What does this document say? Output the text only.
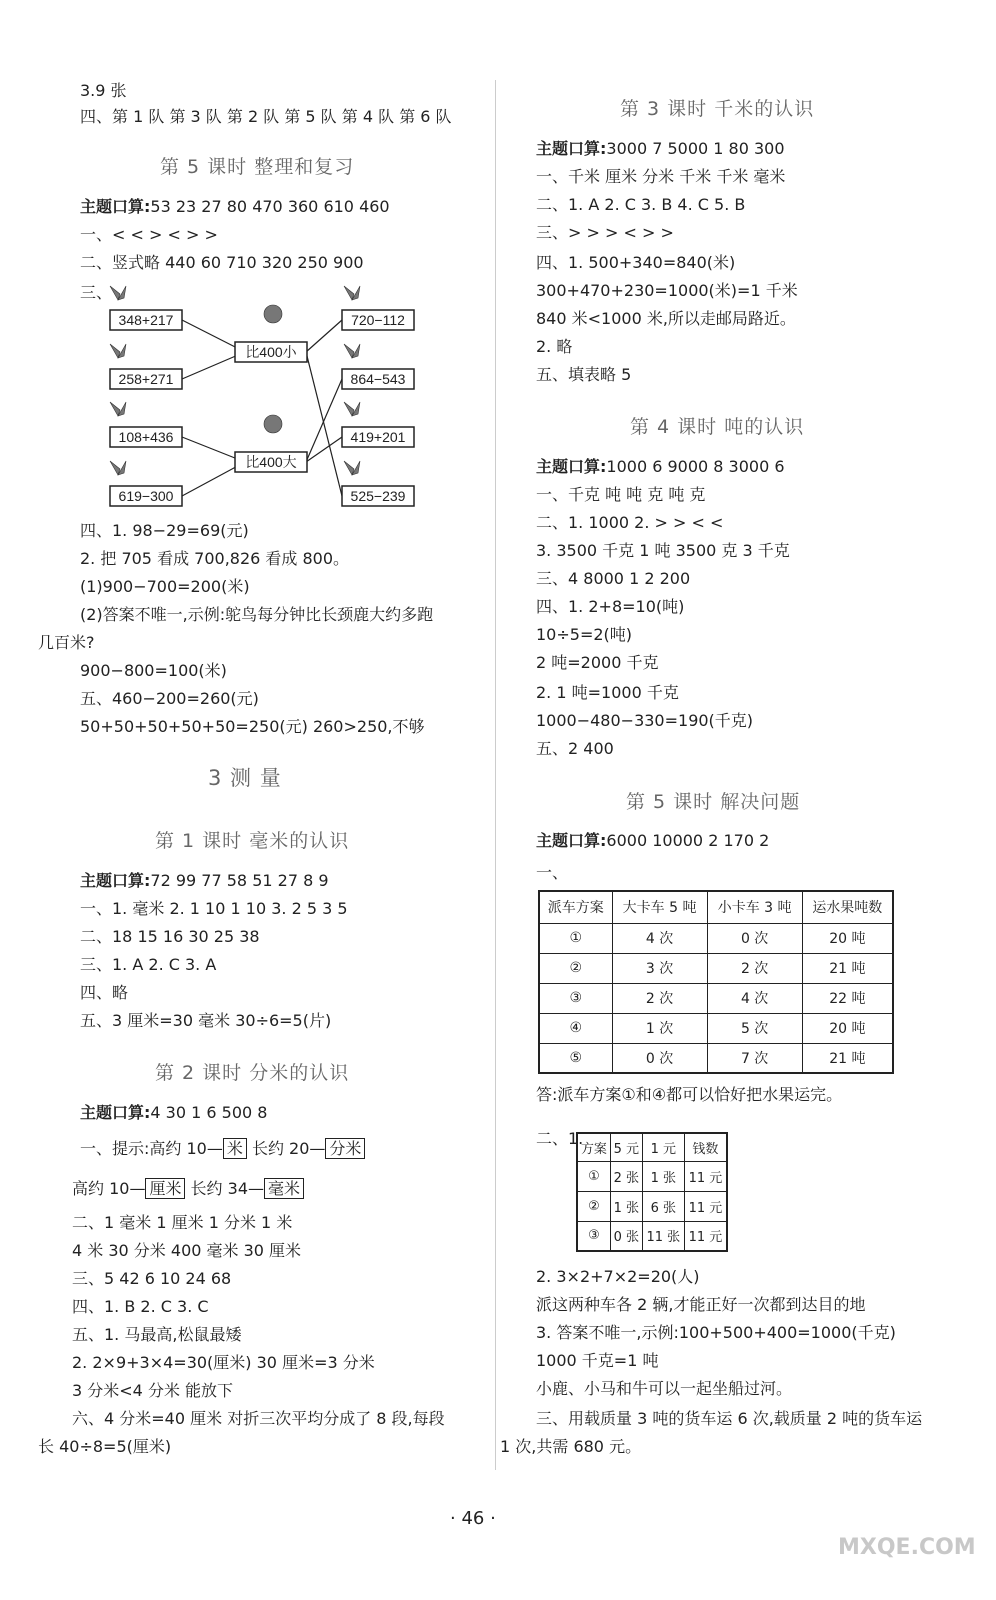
3.9 张
四、第 1 队 第 3 队 第 2 队 第 5 队 第 4 队 第 6 队
第 5 课时 整理和复习
主题口算:53 23 27 80 470 360 610 460
一、< < > < > >
二、竖式略 440 60 710 320 250 900
三、
348+217
258+271
108+436
619−300
比400小
比400大
720−112
864−543
419+201
525−239
四、1. 98−29=69(元)
2. 把 705 看成 700,826 看成 800。
(1)900−700=200(米)
(2)答案不唯一,示例:鸵鸟每分钟比长颈鹿大约多跑
几百米?
900−800=100(米)
五、460−200=260(元)
50+50+50+50+50=250(元) 260>250,不够
3 测 量
第 1 课时 毫米的认识
主题口算:72 99 77 58 51 27 8 9
一、1. 毫米 2. 1 10 1 10 3. 2 5 3 5
二、18 15 16 30 25 38
三、1. A 2. C 3. A
四、略
五、3 厘米=30 毫米 30÷6=5(片)
第 2 课时 分米的认识
主题口算:4 30 1 6 500 8
一、提示:高约 10— 米 长约 20— 分米
高约 10— 厘米 长约 34— 毫米
二、1 毫米 1 厘米 1 分米 1 米
4 米 30 分米 400 毫米 30 厘米
三、5 42 6 10 24 68
四、1. B 2. C 3. C
五、1. 马最高,松鼠最矮
2. 2×9+3×4=30(厘米) 30 厘米=3 分米
3 分米<4 分米 能放下
六、4 分米=40 厘米 对折三次平均分成了 8 段,每段
长 40÷8=5(厘米)
第 3 课时 千米的认识
主题口算:3000 7 5000 1 80 300
一、千米 厘米 分米 千米 千米 毫米
二、1. A 2. C 3. B 4. C 5. B
三、> > > < > >
四、1. 500+340=840(米)
300+470+230=1000(米)=1 千米
840 米<1000 米,所以走邮局路近。
2. 略
五、填表略 5
第 4 课时 吨的认识
主题口算:1000 6 9000 8 3000 6
一、千克 吨 吨 克 吨 克
二、1. 1000 2. > > < <
3. 3500 千克 1 吨 3500 克 3 千克
三、4 8000 1 2 200
四、1. 2+8=10(吨)
10÷5=2(吨)
2 吨=2000 千克
2. 1 吨=1000 千克
1000−480−330=190(千克)
五、2 400
第 5 课时 解决问题
主题口算:6000 10000 2 170 2
一、
派车方案	大卡车 5 吨	小卡车 3 吨	运水果吨数
①	4 次	0 次	20 吨
②	3 次	2 次	21 吨
③	2 次	4 次	22 吨
④	1 次	5 次	20 吨
⑤	0 次	7 次	21 吨
答:派车方案①和④都可以恰好把水果运完。
二、1.
方案	5 元	1 元	钱数
①	2 张	1 张	11 元
②	1 张	6 张	11 元
③	0 张	11 张	11 元
2. 3×2+7×2=20(人)
派这两种车各 2 辆,才能正好一次都到达目的地
3. 答案不唯一,示例:100+500+400=1000(千克)
1000 千克=1 吨
小鹿、小马和牛可以一起坐船过河。
三、用载质量 3 吨的货车运 6 次,载质量 2 吨的货车运
1 次,共需 680 元。
· 46 ·
MXQE.COM
